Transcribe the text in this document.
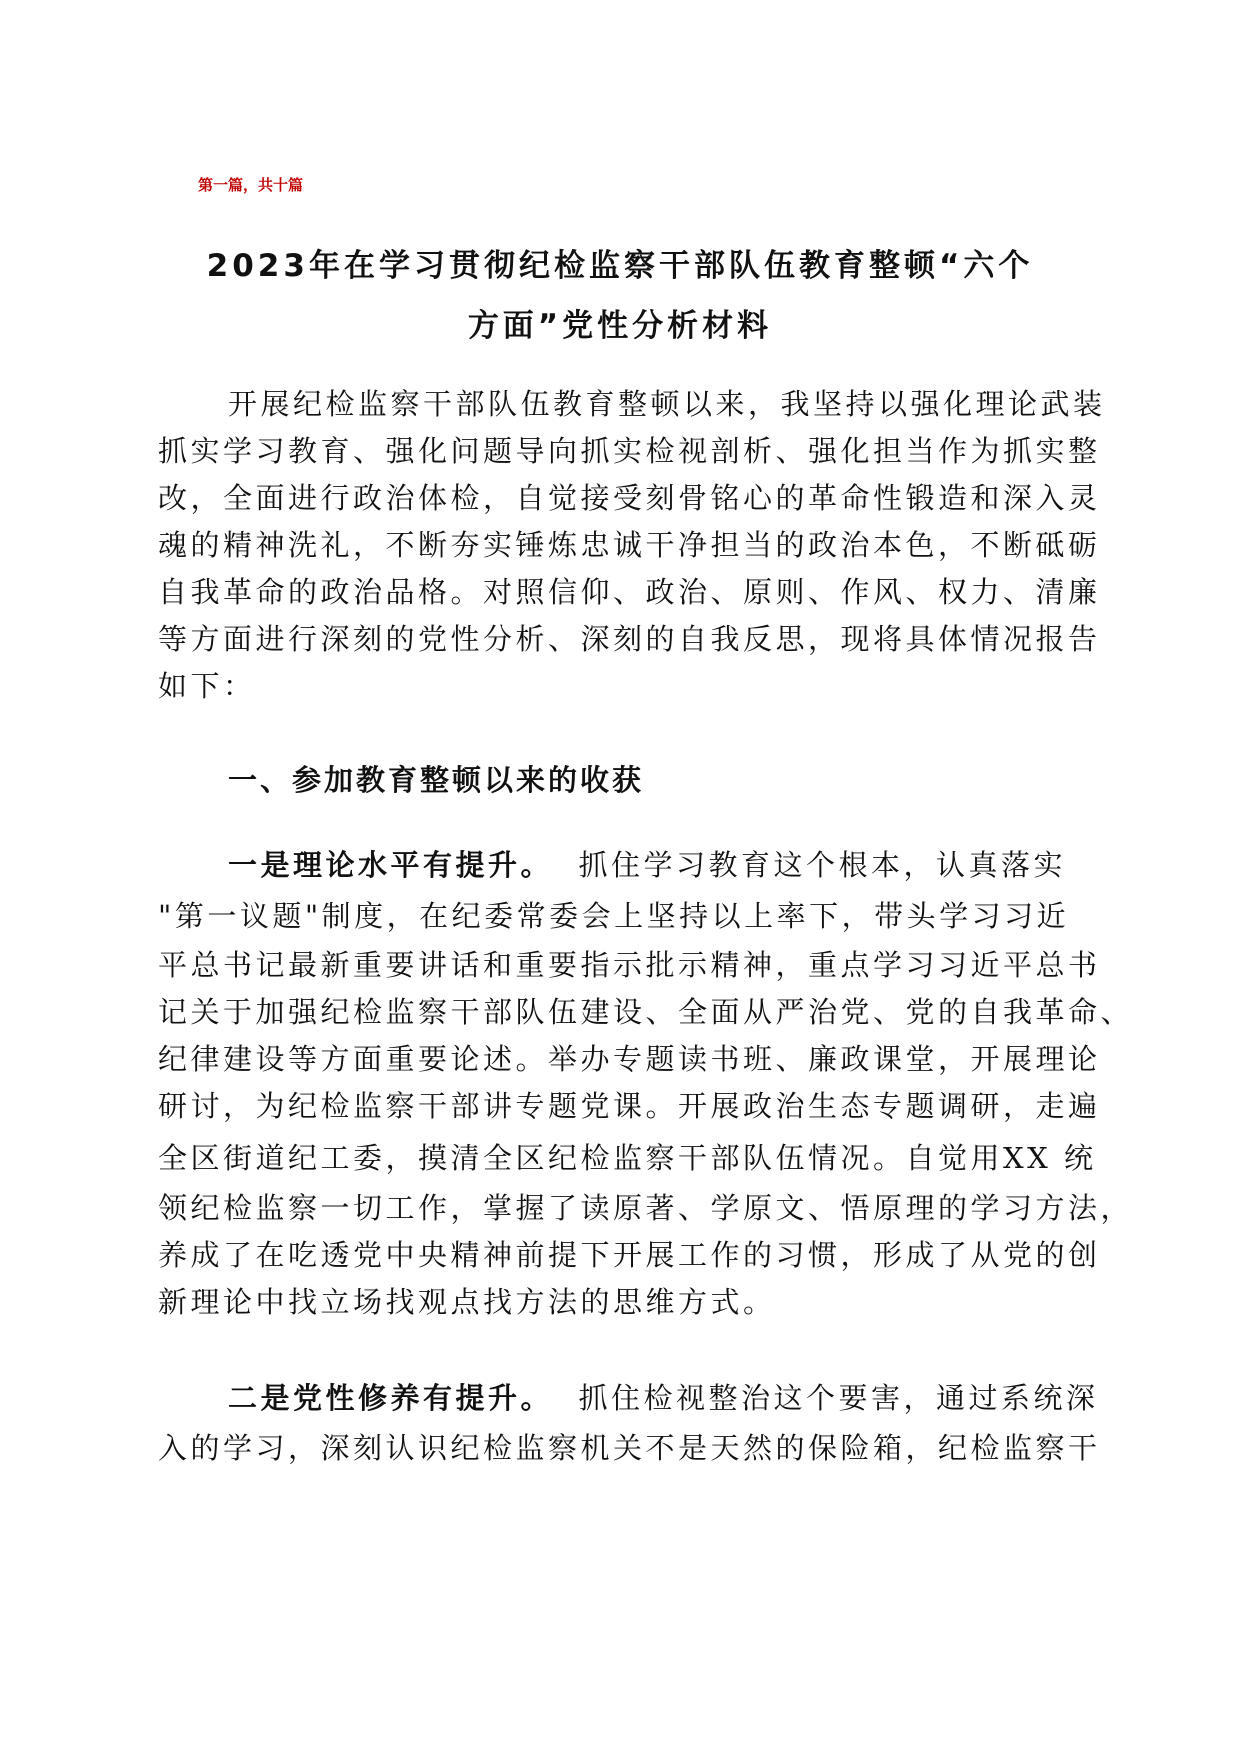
第一篇，共十篇
2023年在学习贯彻纪检监察干部队伍教育整顿“六个
方面”党性分析材料
开展纪检监察干部队伍教育整顿以来，我坚持以强化理论武装
抓实学习教育、强化问题导向抓实检视剖析、强化担当作为抓实整
改，全面进行政治体检，自觉接受刻骨铭心的革命性锻造和深入灵
魂的精神洗礼，不断夯实锤炼忠诚干净担当的政治本色，不断砥砺
自我革命的政治品格。对照信仰、政治、原则、作风、权力、清廉
等方面进行深刻的党性分析、深刻的自我反思，现将具体情况报告
如下：
一、参加教育整顿以来的收获
一是理论水平有提升。 抓住学习教育这个根本，认真落实
"第一议题"制度，在纪委常委会上坚持以上率下，带头学习习近
平总书记最新重要讲话和重要指示批示精神，重点学习习近平总书
记关于加强纪检监察干部队伍建设、全面从严治党、党的自我革命、
纪律建设等方面重要论述。举办专题读书班、廉政课堂，开展理论
研讨，为纪检监察干部讲专题党课。开展政治生态专题调研，走遍
全区街道纪工委，摸清全区纪检监察干部队伍情况。自觉用XX 统
领纪检监察一切工作，掌握了读原著、学原文、悟原理的学习方法，
养成了在吃透党中央精神前提下开展工作的习惯，形成了从党的创
新理论中找立场找观点找方法的思维方式。
二是党性修养有提升。 抓住检视整治这个要害，通过系统深
入的学习，深刻认识纪检监察机关不是天然的保险箱，纪检监察干
